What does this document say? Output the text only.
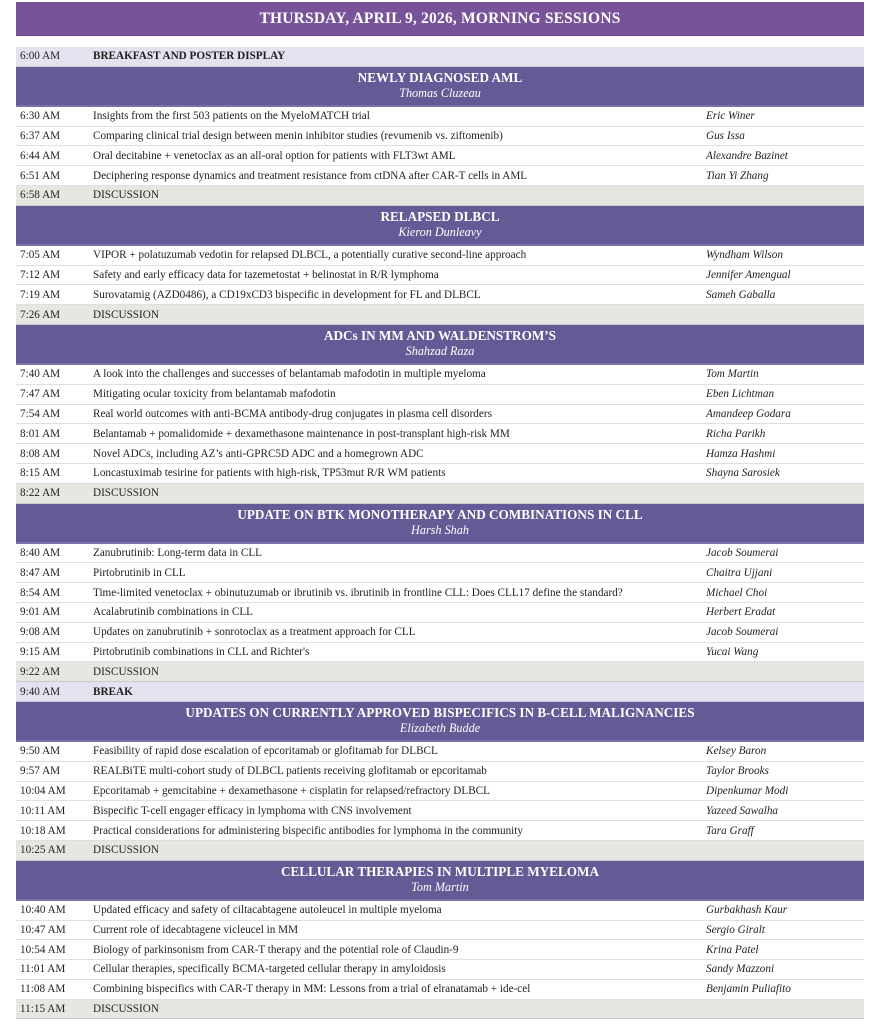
THURSDAY, APRIL 9, 2026, MORNING SESSIONS
6:00 AM	BREAKFAST AND POSTER DISPLAY
NEWLY DIAGNOSED AML
Thomas Cluzeau
6:30 AM	Insights from the first 503 patients on the MyeloMATCH trial	Eric Winer
6:37 AM	Comparing clinical trial design between menin inhibitor studies (revumenib vs. ziftomenib)	Gus Issa
6:44 AM	Oral decitabine + venetoclax as an all-oral option for patients with FLT3wt AML	Alexandre Bazinet
6:51 AM	Deciphering response dynamics and treatment resistance from ctDNA after CAR-T cells in AML	Tian Yi Zhang
6:58 AM	DISCUSSION
RELAPSED DLBCL
Kieron Dunleavy
7:05 AM	VIPOR + polatuzumab vedotin for relapsed DLBCL, a potentially curative second-line approach	Wyndham Wilson
7:12 AM	Safety and early efficacy data for tazemetostat + belinostat in R/R lymphoma	Jennifer Amengual
7:19 AM	Surovatamig (AZD0486), a CD19xCD3 bispecific in development for FL and DLBCL	Sameh Gaballa
7:26 AM	DISCUSSION
ADCs IN MM AND WALDENSTROM’S
Shahzad Raza
7:40 AM	A look into the challenges and successes of belantamab mafodotin in multiple myeloma	Tom Martin
7:47 AM	Mitigating ocular toxicity from belantamab mafodotin	Eben Lichtman
7:54 AM	Real world outcomes with anti-BCMA antibody-drug conjugates in plasma cell disorders	Amandeep Godara
8:01 AM	Belantamab + pomalidomide + dexamethasone maintenance in post-transplant high-risk MM	Richa Parikh
8:08 AM	Novel ADCs, including AZ’s anti-GPRC5D ADC and a homegrown ADC	Hamza Hashmi
8:15 AM	Loncastuximab tesirine for patients with high-risk, TP53mut R/R WM patients	Shayna Sarosiek
8:22 AM	DISCUSSION
UPDATE ON BTK MONOTHERAPY AND COMBINATIONS IN CLL
Harsh Shah
8:40 AM	Zanubrutinib: Long-term data in CLL	Jacob Soumerai
8:47 AM	Pirtobrutinib in CLL	Chaitra Ujjani
8:54 AM	Time-limited venetoclax + obinutuzumab or ibrutinib vs. ibrutinib in frontline CLL: Does CLL17 define the standard?	Michael Choi
9:01 AM	Acalabrutinib combinations in CLL	Herbert Eradat
9:08 AM	Updates on zanubrutinib + sonrotoclax as a treatment approach for CLL	Jacob Soumerai
9:15 AM	Pirtobrutinib combinations in CLL and Richter's	Yucai Wang
9:22 AM	DISCUSSION
9:40 AM	BREAK
UPDATES ON CURRENTLY APPROVED BISPECIFICS IN B-CELL MALIGNANCIES
Elizabeth Budde
9:50 AM	Feasibility of rapid dose escalation of epcoritamab or glofitamab for DLBCL	Kelsey Baron
9:57 AM	REALBiTE multi-cohort study of DLBCL patients receiving glofitamab or epcoritamab	Taylor Brooks
10:04 AM	Epcoritamab + gemcitabine + dexamethasone + cisplatin for relapsed/refractory DLBCL	Dipenkumar Modi
10:11 AM	Bispecific T-cell engager efficacy in lymphoma with CNS involvement	Yazeed Sawalha
10:18 AM	Practical considerations for administering bispecific antibodies for lymphoma in the community	Tara Graff
10:25 AM	DISCUSSION
CELLULAR THERAPIES IN MULTIPLE MYELOMA
Tom Martin
10:40 AM	Updated efficacy and safety of ciltacabtagene autoleucel in multiple myeloma	Gurbakhash Kaur
10:47 AM	Current role of idecabtagene vicleucel in MM	Sergio Giralt
10:54 AM	Biology of parkinsonism from CAR-T therapy and the potential role of Claudin-9	Krina Patel
11:01 AM	Cellular therapies, specifically BCMA-targeted cellular therapy in amyloidosis	Sandy Mazzoni
11:08 AM	Combining bispecifics with CAR-T therapy in MM: Lessons from a trial of elranatamab + ide-cel	Benjamin Puliafito
11:15 AM	DISCUSSION
